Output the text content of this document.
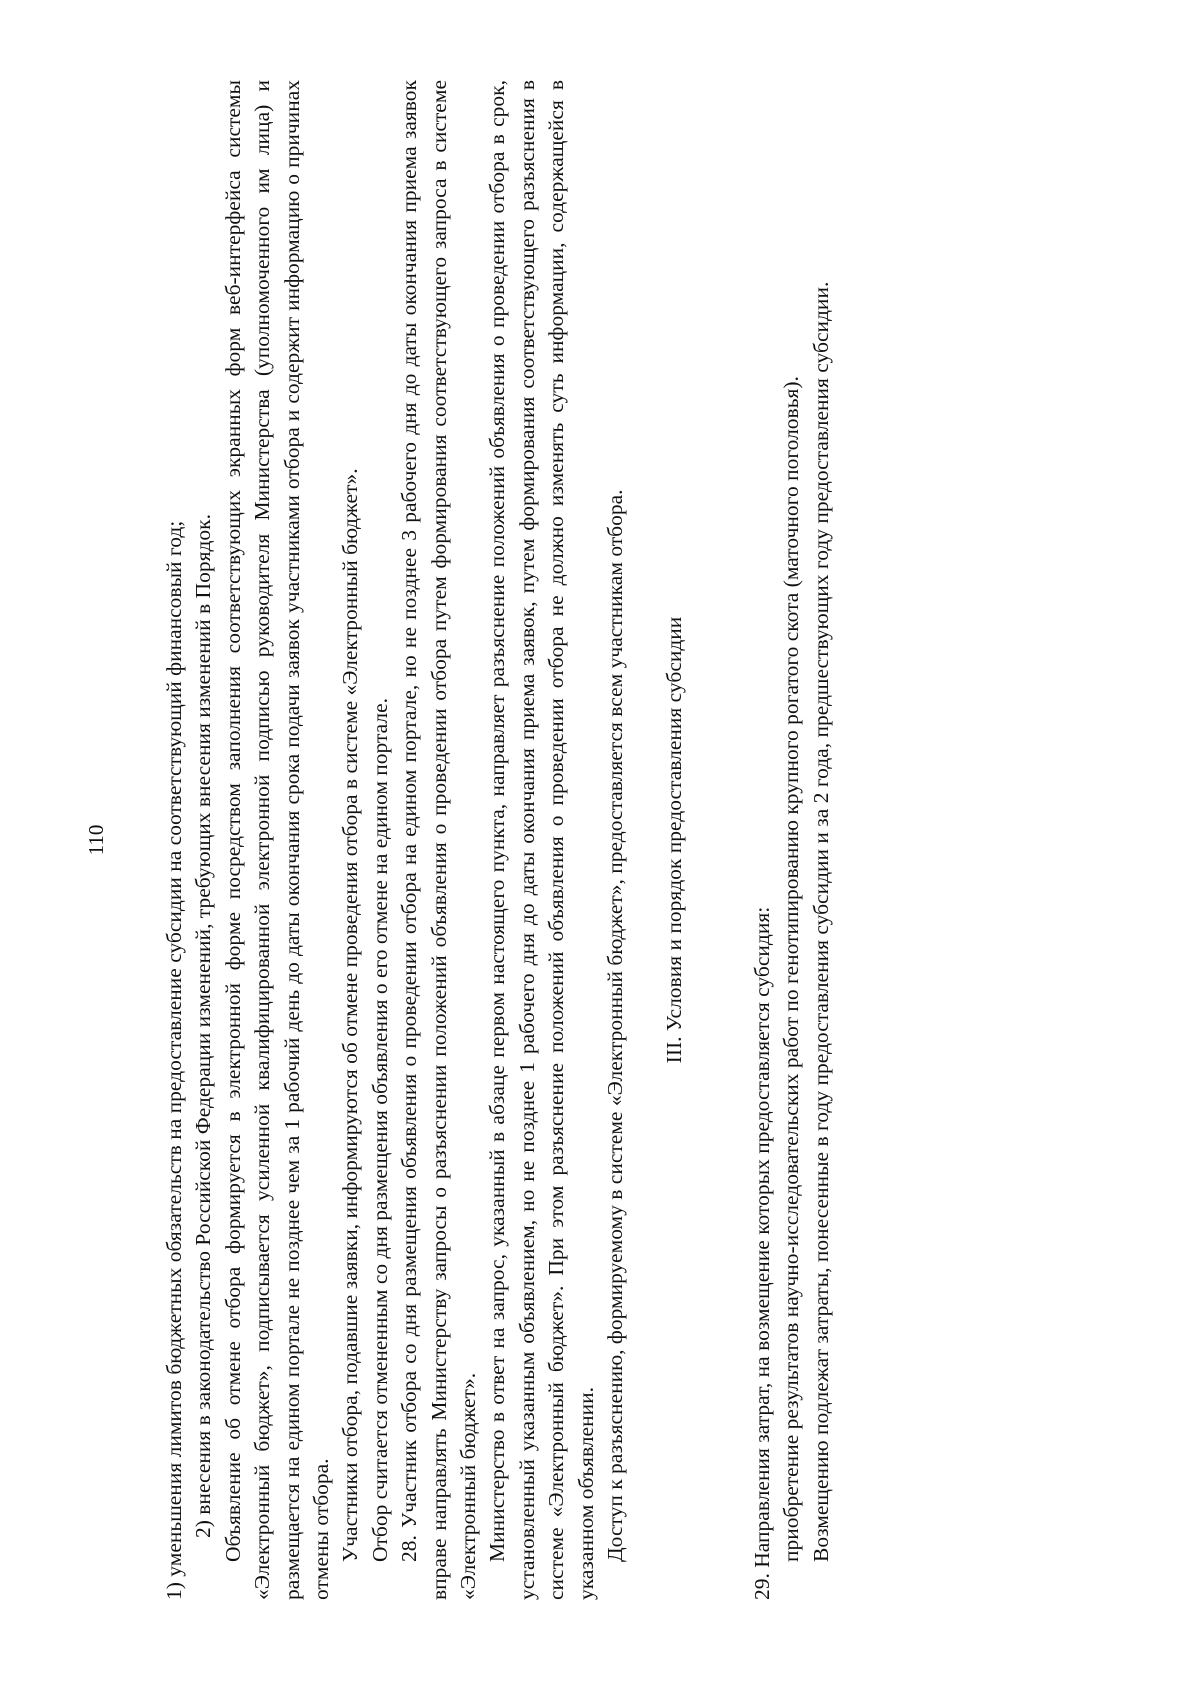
110	1) уменьшения лимитов бюджетных обязательств на предоставление субсидии на соответствующий финансовый год; 2) внесения в законодательство Российской Федерации изменений, требующих внесения изменений в Порядок. Объявление об отмене отбора формируется в электронной форме посредством заполнения соответствующих экранных форм веб-интерфейса системы «Электронный бюджет», подписывается усиленной квалифицированной электронной подписью руководителя Министерства (уполномоченного им лица) и размещается на едином портале не позднее чем за 1 рабочий день до даты окончания срока подачи заявок участниками отбора и содержит информацию о причинах отмены отбора. Участники отбора, подавшие заявки, информируются об отмене проведения отбора в системе «Электронный бюджет». Отбор считается отмененным со дня размещения объявления о его отмене на едином портале. 28. Участник отбора со дня размещения объявления о проведении отбора на едином портале, но не позднее 3 рабочего дня до даты окончания приема заявок вправе направлять Министерству запросы о разъяснении положений объявления о проведении отбора путем формирования соответствующего запроса в системе «Электронный бюджет». Министерство в ответ на запрос, указанный в абзаце первом настоящего пункта, направляет разъяснение положений объявления о проведении отбора в срок, установленный указанным объявлением, но не позднее 1 рабочего дня до даты окончания приема заявок, путем формирования соответствующего разъяснения в системе «Электронный бюджет». При этом разъяснение положений объявления о проведении отбора не должно изменять суть информации, содержащейся в указанном объявлении. Доступ к разъяснению, формируемому в системе «Электронный бюджет», предоставляется всем участникам отбора. III. Условия и порядок предоставления субсидии

29. Направления затрат, на возмещение которых предоставляется субсидия: приобретение результатов научно-исследовательских работ по генотипированию крупного рогатого скота (маточного поголовья). Возмещению подлежат затраты, понесенные в году предоставления субсидии и за 2 года, предшествующих году предоставления субсидии.
